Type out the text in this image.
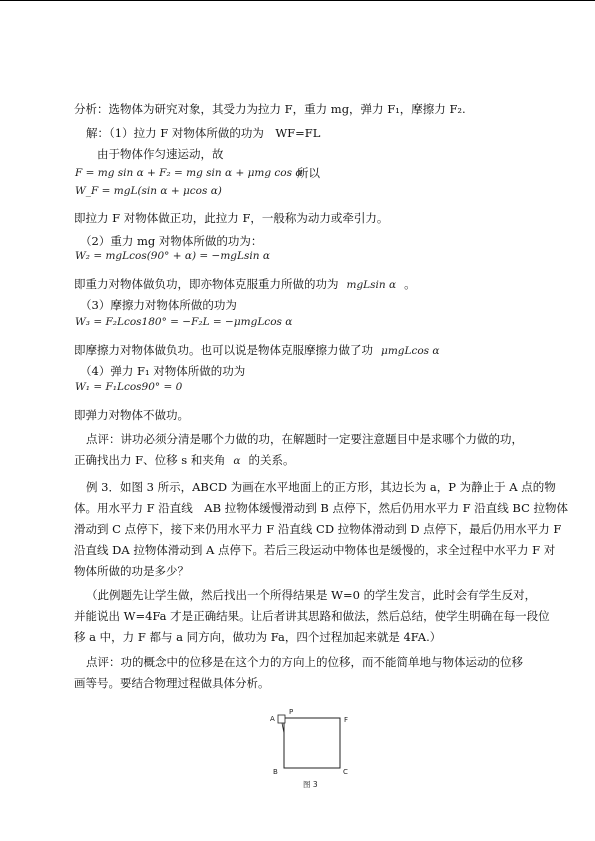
分析：选物体为研究对象，其受力为拉力 F，重力 mg，弹力 F₁，摩擦力 F₂.
解：（1）拉力 F 对物体所做的功为　WF=FL
由于物体作匀速运动，故
F = mg sin α + F₂ = mg sin α + μmg cos α
所以
W_F = mgL(sin α + μcos α)
即拉力 F 对物体做正功，此拉力 F，一般称为动力或牵引力。
（2）重力 mg 对物体所做的功为：
W₂ = mgLcos(90° + α) = −mgLsin α
即重力对物体做负功，即亦物体克服重力所做的功为 mgLsin α 。
（3）摩擦力对物体所做的功为
W₃ = F₂Lcos180° = −F₂L = −μmgLcos α
即摩擦力对物体做负功。也可以说是物体克服摩擦力做了功 μmgLcos α
（4）弹力 F₁ 对物体所做的功为
W₁ = F₁Lcos90° = 0
即弹力对物体不做功。
点评：讲功必须分清是哪个力做的功，在解题时一定要注意题目中是求哪个力做的功，
正确找出力 F、位移 s 和夹角 α 的关系。
例 3．如图 3 所示，ABCD 为画在水平地面上的正方形，其边长为 a，P 为静止于 A 点的物
体。用水平力 F 沿直线　AB 拉物体缓慢滑动到 B 点停下，然后仍用水平力 F 沿直线 BC 拉物体
滑动到 C 点停下，接下来仍用水平力 F 沿直线 CD 拉物体滑动到 D 点停下，最后仍用水平力 F
沿直线 DA 拉物体滑动到 A 点停下。若后三段运动中物体也是缓慢的，求全过程中水平力 F 对
物体所做的功是多少？
（此例题先让学生做，然后找出一个所得结果是 W=0 的学生发言，此时会有学生反对，
并能说出 W=4Fa 才是正确结果。让后者讲其思路和做法，然后总结，使学生明确在每一段位
移 a 中，力 F 都与 a 同方向，做功为 Fa，四个过程加起来就是 4FA.）
点评：功的概念中的位移是在这个力的方向上的位移，而不能简单地与物体运动的位移
画等号。要结合物理过程做具体分析。
A
P
F
B	C
图 3
